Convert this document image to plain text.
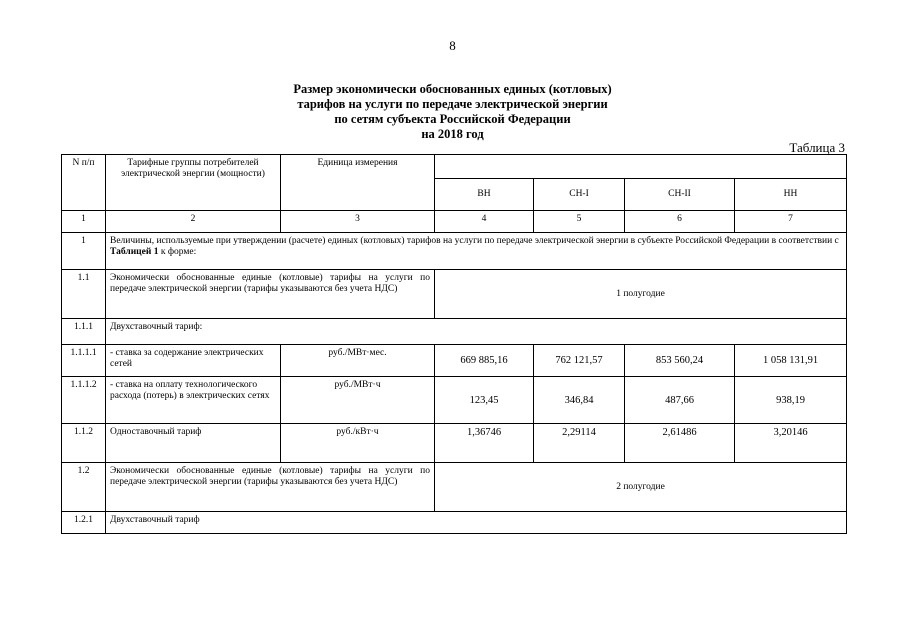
8
Размер экономически обоснованных единых (котловых)
тарифов на услуги по передаче электрической энергии
по сетям субъекта Российской Федерации
на 2018 год
Таблица 3
N п/п	Тарифные группы потребителей электрической энергии (мощности)	Единица измерения				
			ВН	СН-I	СН-II	НН
1	2	3	4	5	6	7
1	Величины, используемые при утверждении (расчете) единых (котловых) тарифов на услуги по передаче электрической энергии в субъекте Российской Федерации в соответствии с Таблицей 1 к форме:					
1.1	Экономически обоснованные единые (котловые) тарифы на услуги по передаче электрической энергии (тарифы указываются без учета НДС)		1 полугодие			
1.1.1	Двухставочный тариф:					
1.1.1.1	- ставка за содержание электрических сетей	руб./МВт·мес.	669 885,16	762 121,57	853 560,24	1 058 131,91
1.1.1.2	- ставка на оплату технологического расхода (потерь) в электрических сетях	руб./МВт·ч	123,45	346,84	487,66	938,19
1.1.2	Одноставочный тариф	руб./кВт·ч	1,36746	2,29114	2,61486	3,20146
1.2	Экономически обоснованные единые (котловые) тарифы на услуги по передаче электрической энергии (тарифы указываются без учета НДС)		2 полугодие			
1.2.1	Двухставочный тариф					
